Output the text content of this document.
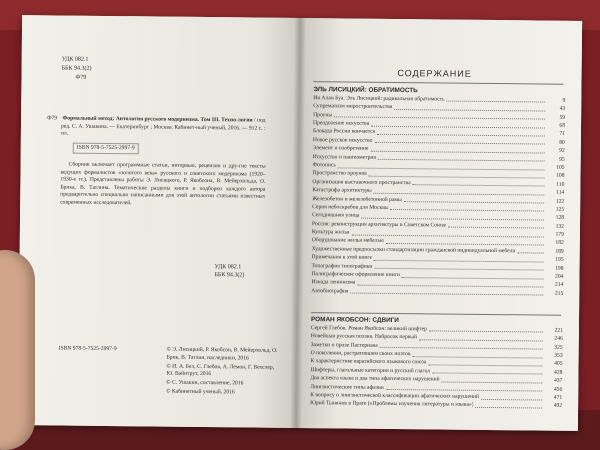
УДК 082.1
ББК 94.3(2)
Ф79
Ф79 Формальный метод: Антология русского модернизма. Том III. Техно-логии / под ред. С. А. Ушакина. — Екатеринбург ; Москва: Кабинет-ный ученый, 2016. — 912 с. : ил.
ISBN 978-5-7525-2997-9
Сборник включает программные статьи, интервью, рецензии и дру-гие тексты ведущих формалистов «золотого века» русского и советского модернизма (1920–1930-е гг.). Представлены работы Э. Лисицкого, Р. Якобсона, В. Мейерхольда, О. Брика, В. Татлина. Тематические разделы книги и подборки каждого автора предварительно специально написанными для этой антологии статьями известных современных исследователей.
УДК 082.1
ББК 94.3(2)
ISBN 978-5-7525-2997-9	© Э. Лисицкий, Р. Якобсон, В. Мейерхольд, О. Брик, В. Татлин, наследники, 2016
© И. А. Бел, С. Глебов, А. Лемон, Г. Вехслер, Ю. Вайнтрут, 2016
© С. Ушакин, составление, 2016
© Кабинетный ученый, 2016
СОДЕРЖАНИЕ
ЭЛЬ ЛИСИЦКИЙ: ОБРАТИМОСТЬ
Ив Алан Буа. Эль Лисицкий: радикальная обратимость	9
Супрематизм миростроительства	43
Проуны	59
Преодоление искусства	68
Блокада России кончается	71
Новое русское искусство	80
Элемент и изобретение	92
Искусство и пангеометрия	95
Фотопись	105
Пространство проунов	108
Организация выставочного пространства	110
Катастрофа архитектуры	114
Железобетон и железобетонной рамы	122
Серия небоскребов для Москвы	125
Сегодняшняя улица	128
Россия: реконструкция архитектуры в Советском Союзе	132
Культура жилья	179
Оборудование жилья мебелью	182
Художественные предпосылки стандартизации гражданской индивидуальной мебели	189
Примечания к этой книге	195
Топография типографики	198
Полиграфическое оформление книги	204
Изнада ленинизма	214
Автобиография	215
РОМАН ЯКОБСОН: СДВИГИ
Сергей Глебов. Роман Якобсон: великий шифтер	221
Новейшая русская поэзия. Набросок первый	246
Заметки о прозе Пастернака	325
О поколении, растратившем своих поэтов	353
К характеристике евразийского языкового союза	405
Шифтеры, глагольные категории и русский глагол	428
Два аспекта языка и два типа афатических нарушений	437
Лингвистические типы афазии	456
К вопросу о лингвистической классификации афатических нарушений	471
Юрий Тынянов в Праге («Проблемы изучения литературы и языка»)	492
